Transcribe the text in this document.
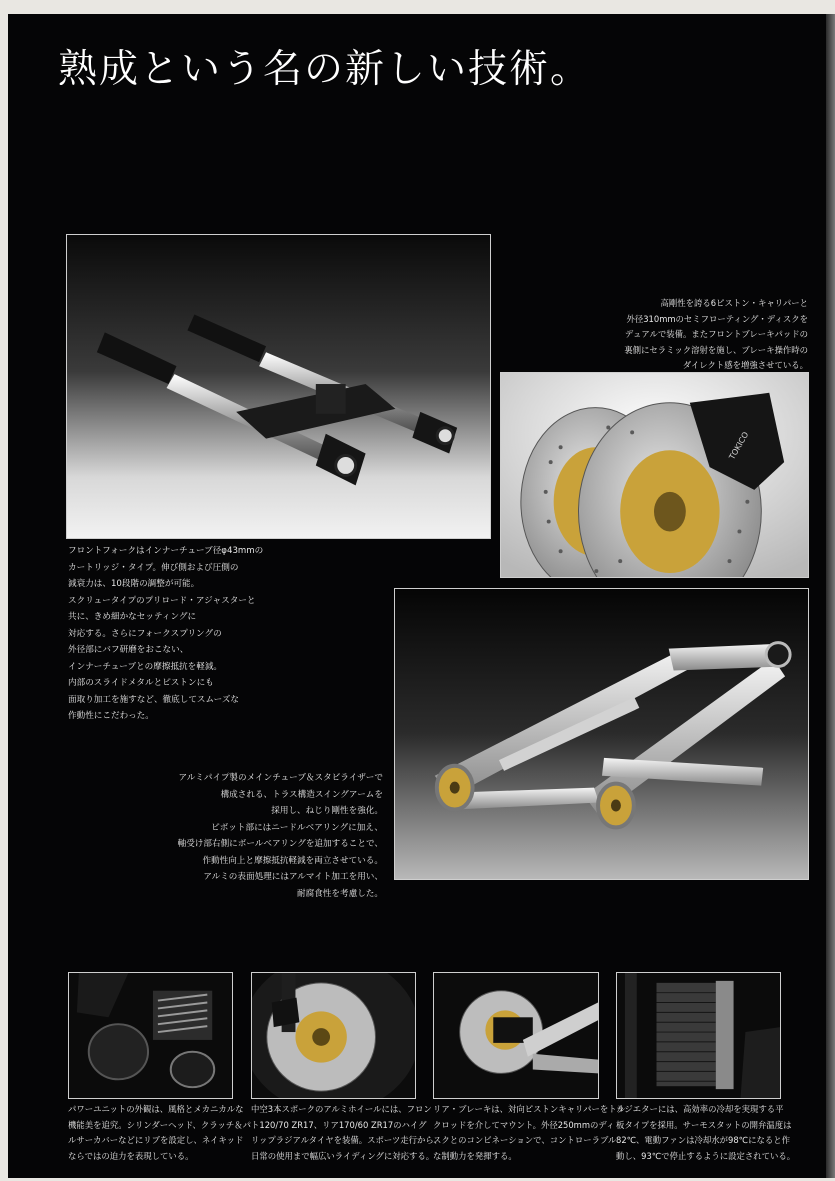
熟成という名の新しい技術。

高剛性を誇る6ピストン・キャリパーと
外径310mmのセミフローティング・ディスクを
デュアルで装備。またフロントブレーキパッドの
裏側にセラミック溶射を施し、ブレーキ操作時の
ダイレクト感を増強させている。

TOKICO

フロントフォークはインナーチューブ径φ43mmの
カートリッジ・タイプ。伸び側および圧側の
減衰力は、10段階の調整が可能。
スクリュータイプのプリロード・アジャスターと
共に、きめ細かなセッティングに
対応する。さらにフォークスプリングの
外径部にバフ研磨をおこない、
インナーチューブとの摩擦抵抗を軽減。
内部のスライドメタルとピストンにも
面取り加工を施すなど、徹底してスムーズな
作動性にこだわった。

アルミパイプ製のメインチューブ＆スタビライザーで
構成される、トラス構造スイングアームを
採用し、ねじり剛性を強化。
ピボット部にはニードルベアリングに加え、
軸受け部右側にボールベアリングを追加することで、
作動性向上と摩擦抵抗軽減を両立させている。
アルミの表面処理にはアルマイト加工を用い、
耐腐食性を考慮した。

パワーユニットの外観は、風格とメカニカルな
機能美を追究。シリンダーヘッド、クラッチ＆パ
ルサーカバーなどにリブを設定し、ネイキッド
ならではの迫力を表現している。

中空3本スポークのアルミホイールには、フロン
ト120/70 ZR17、リア170/60 ZR17のハイグ
リップラジアルタイヤを装備。スポーツ走行から、
日常の使用まで幅広いライディングに対応する。

リア・ブレーキは、対向ピストンキャリパーをトル
クロッドを介してマウント。外径250mmのディ
スクとのコンビネーションで、コントローラブル
な制動力を発揮する。

ラジエターには、高効率の冷却を実現する平
板タイプを採用。サーモスタットの開弁温度は
82℃、電動ファンは冷却水が98℃になると作
動し、93℃で停止するように設定されている。
